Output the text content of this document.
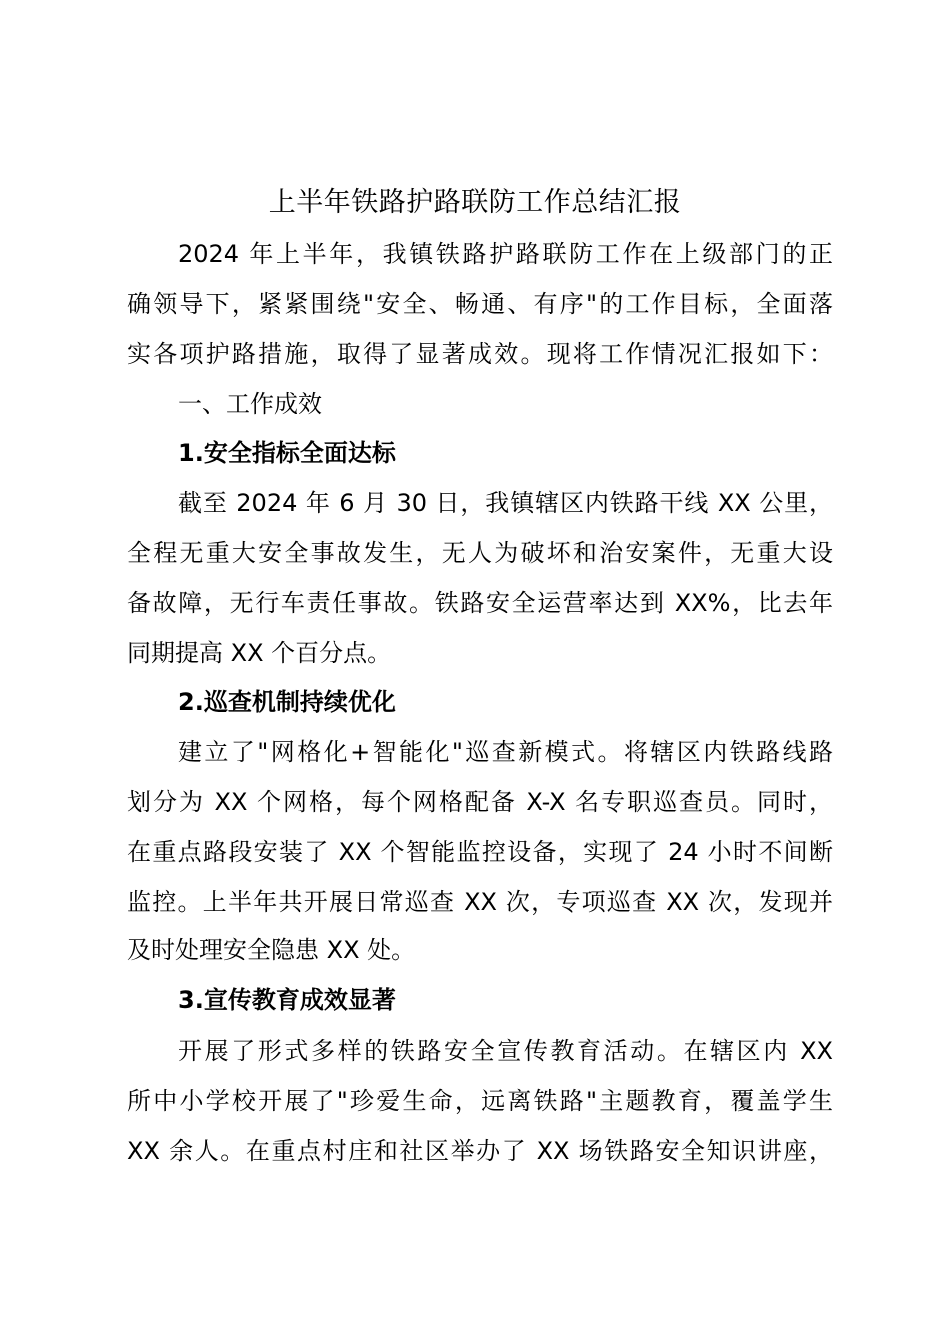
上半年铁路护路联防工作总结汇报
2024 年上半年，我镇铁路护路联防工作在上级部门的正
确领导下，紧紧围绕"安全、畅通、有序"的工作目标，全面落
实各项护路措施，取得了显著成效。现将工作情况汇报如下：
一、工作成效
1.安全指标全面达标
截至 2024 年 6 月 30 日，我镇辖区内铁路干线 XX 公里，
全程无重大安全事故发生，无人为破坏和治安案件，无重大设
备故障，无行车责任事故。铁路安全运营率达到 XX%，比去年
同期提高 XX 个百分点。
2.巡查机制持续优化
建立了"网格化+智能化"巡查新模式。将辖区内铁路线路
划分为 XX 个网格，每个网格配备 X-X 名专职巡查员。同时，
在重点路段安装了 XX 个智能监控设备，实现了 24 小时不间断
监控。上半年共开展日常巡查 XX 次，专项巡查 XX 次，发现并
及时处理安全隐患 XX 处。
3.宣传教育成效显著
开展了形式多样的铁路安全宣传教育活动。在辖区内 XX
所中小学校开展了"珍爱生命，远离铁路"主题教育，覆盖学生
XX 余人。在重点村庄和社区举办了 XX 场铁路安全知识讲座，
